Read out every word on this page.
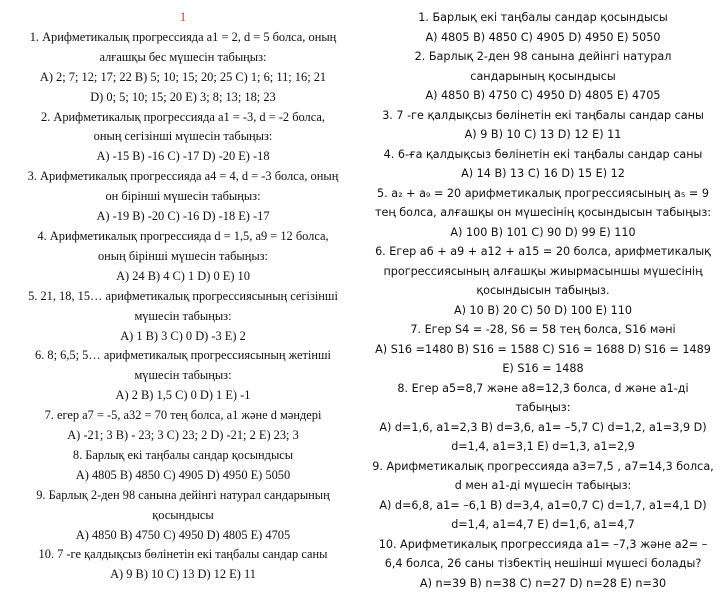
1
1. Арифметикалық прогрессияда a1 = 2, d = 5 болса, оның
алғашқы бес мүшесін табыңыз:
A) 2; 7; 12; 17; 22 B) 5; 10; 15; 20; 25 C) 1; 6; 11; 16; 21
D) 0; 5; 10; 15; 20 E) 3; 8; 13; 18; 23
2. Арифметикалық прогрессияда a1 = -3, d = -2 болса,
оның сегізінші мүшесін табыңыз:
A) -15 B) -16 C) -17 D) -20 E) -18
3. Арифметикалық прогрессияда a4 = 4, d = -3 болса, оның
он бірінші мүшесін табыңыз:
A) -19 B) -20 C) -16 D) -18 E) -17
4. Арифметикалық прогрессияда d = 1,5, a9 = 12 болса,
оның бірінші мүшесін табыңыз:
A) 24 B) 4 C) 1 D) 0 E) 10
5. 21, 18, 15… арифметикалық прогрессиясының сегізінші
мүшесін табыңыз:
A) 1 B) 3 C) 0 D) -3 E) 2
6. 8; 6,5; 5… арифметикалық прогрессиясының жетінші
мүшесін табыңыз:
A) 2 B) 1,5 C) 0 D) 1 E) -1
7. егер a7 = -5, a32 = 70 тең болса, a1 және d мәндері
A) -21; 3 B) - 23; 3 C) 23; 2 D) -21; 2 E) 23; 3
8. Барлық екі таңбалы сандар қосындысы
A) 4805 B) 4850 C) 4905 D) 4950 E) 5050
9. Барлық 2-ден 98 санына дейінгі натурал сандарының
қосындысы
A) 4850 B) 4750 C) 4950 D) 4805 E) 4705
10. 7 -ге қалдықсыз бөлінетін екі таңбалы сандар саны
A) 9 B) 10 C) 13 D) 12 E) 11
1. Барлық екі таңбалы сандар қосындысы
A) 4805 B) 4850 C) 4905 D) 4950 E) 5050
2. Барлық 2-ден 98 санына дейінгі натурал
сандарының қосындысы
A) 4850 B) 4750 C) 4950 D) 4805 E) 4705
3. 7 -ге қалдықсыз бөлінетін екі таңбалы сандар саны
A) 9 B) 10 C) 13 D) 12 E) 11
4. 6-ға қалдықсыз бөлінетін екі таңбалы сандар саны
A) 14 B) 13 C) 16 D) 15 E) 12
5. a₂ + a₉ = 20 арифметикалық прогрессиясының a₅ = 9
тең болса, алғашқы он мүшесінің қосындысын табыңыз:
A) 100 B) 101 C) 90 D) 99 E) 110
6. Егер a6 + a9 + a12 + a15 = 20 болса, арифметикалық
прогрессиясының алғашқы жиырмасыншы мүшесінің
қосындысын табыңыз.
A) 10 B) 20 C) 50 D) 100 E) 110
7. Егер S4 = -28, S6 = 58 тең болса, S16 мәні
A) S16 =1480 B) S16 = 1588 C) S16 = 1688 D) S16 = 1489
E) S16 = 1488
8. Егер a5=8,7 және a8=12,3 болса, d және a1-ді
табыңыз:
A) d=1,6, a1=2,3 B) d=3,6, a1= –5,7 C) d=1,2, a1=3,9 D)
d=1,4, a1=3,1 E) d=1,3, a1=2,9
9. Арифметикалық прогрессияда a3=7,5 , a7=14,3 болса,
d мен a1-ді мүшесін табыңыз:
A) d=6,8, a1= –6,1 B) d=3,4, a1=0,7 C) d=1,7, a1=4,1 D)
d=1,4, a1=4,7 E) d=1,6, a1=4,7
10. Арифметикалық прогрессияда a1= –7,3 және a2= –
6,4 болса, 26 саны тізбектің нешінші мүшесі болады?
A) n=39 B) n=38 C) n=27 D) n=28 E) n=30
